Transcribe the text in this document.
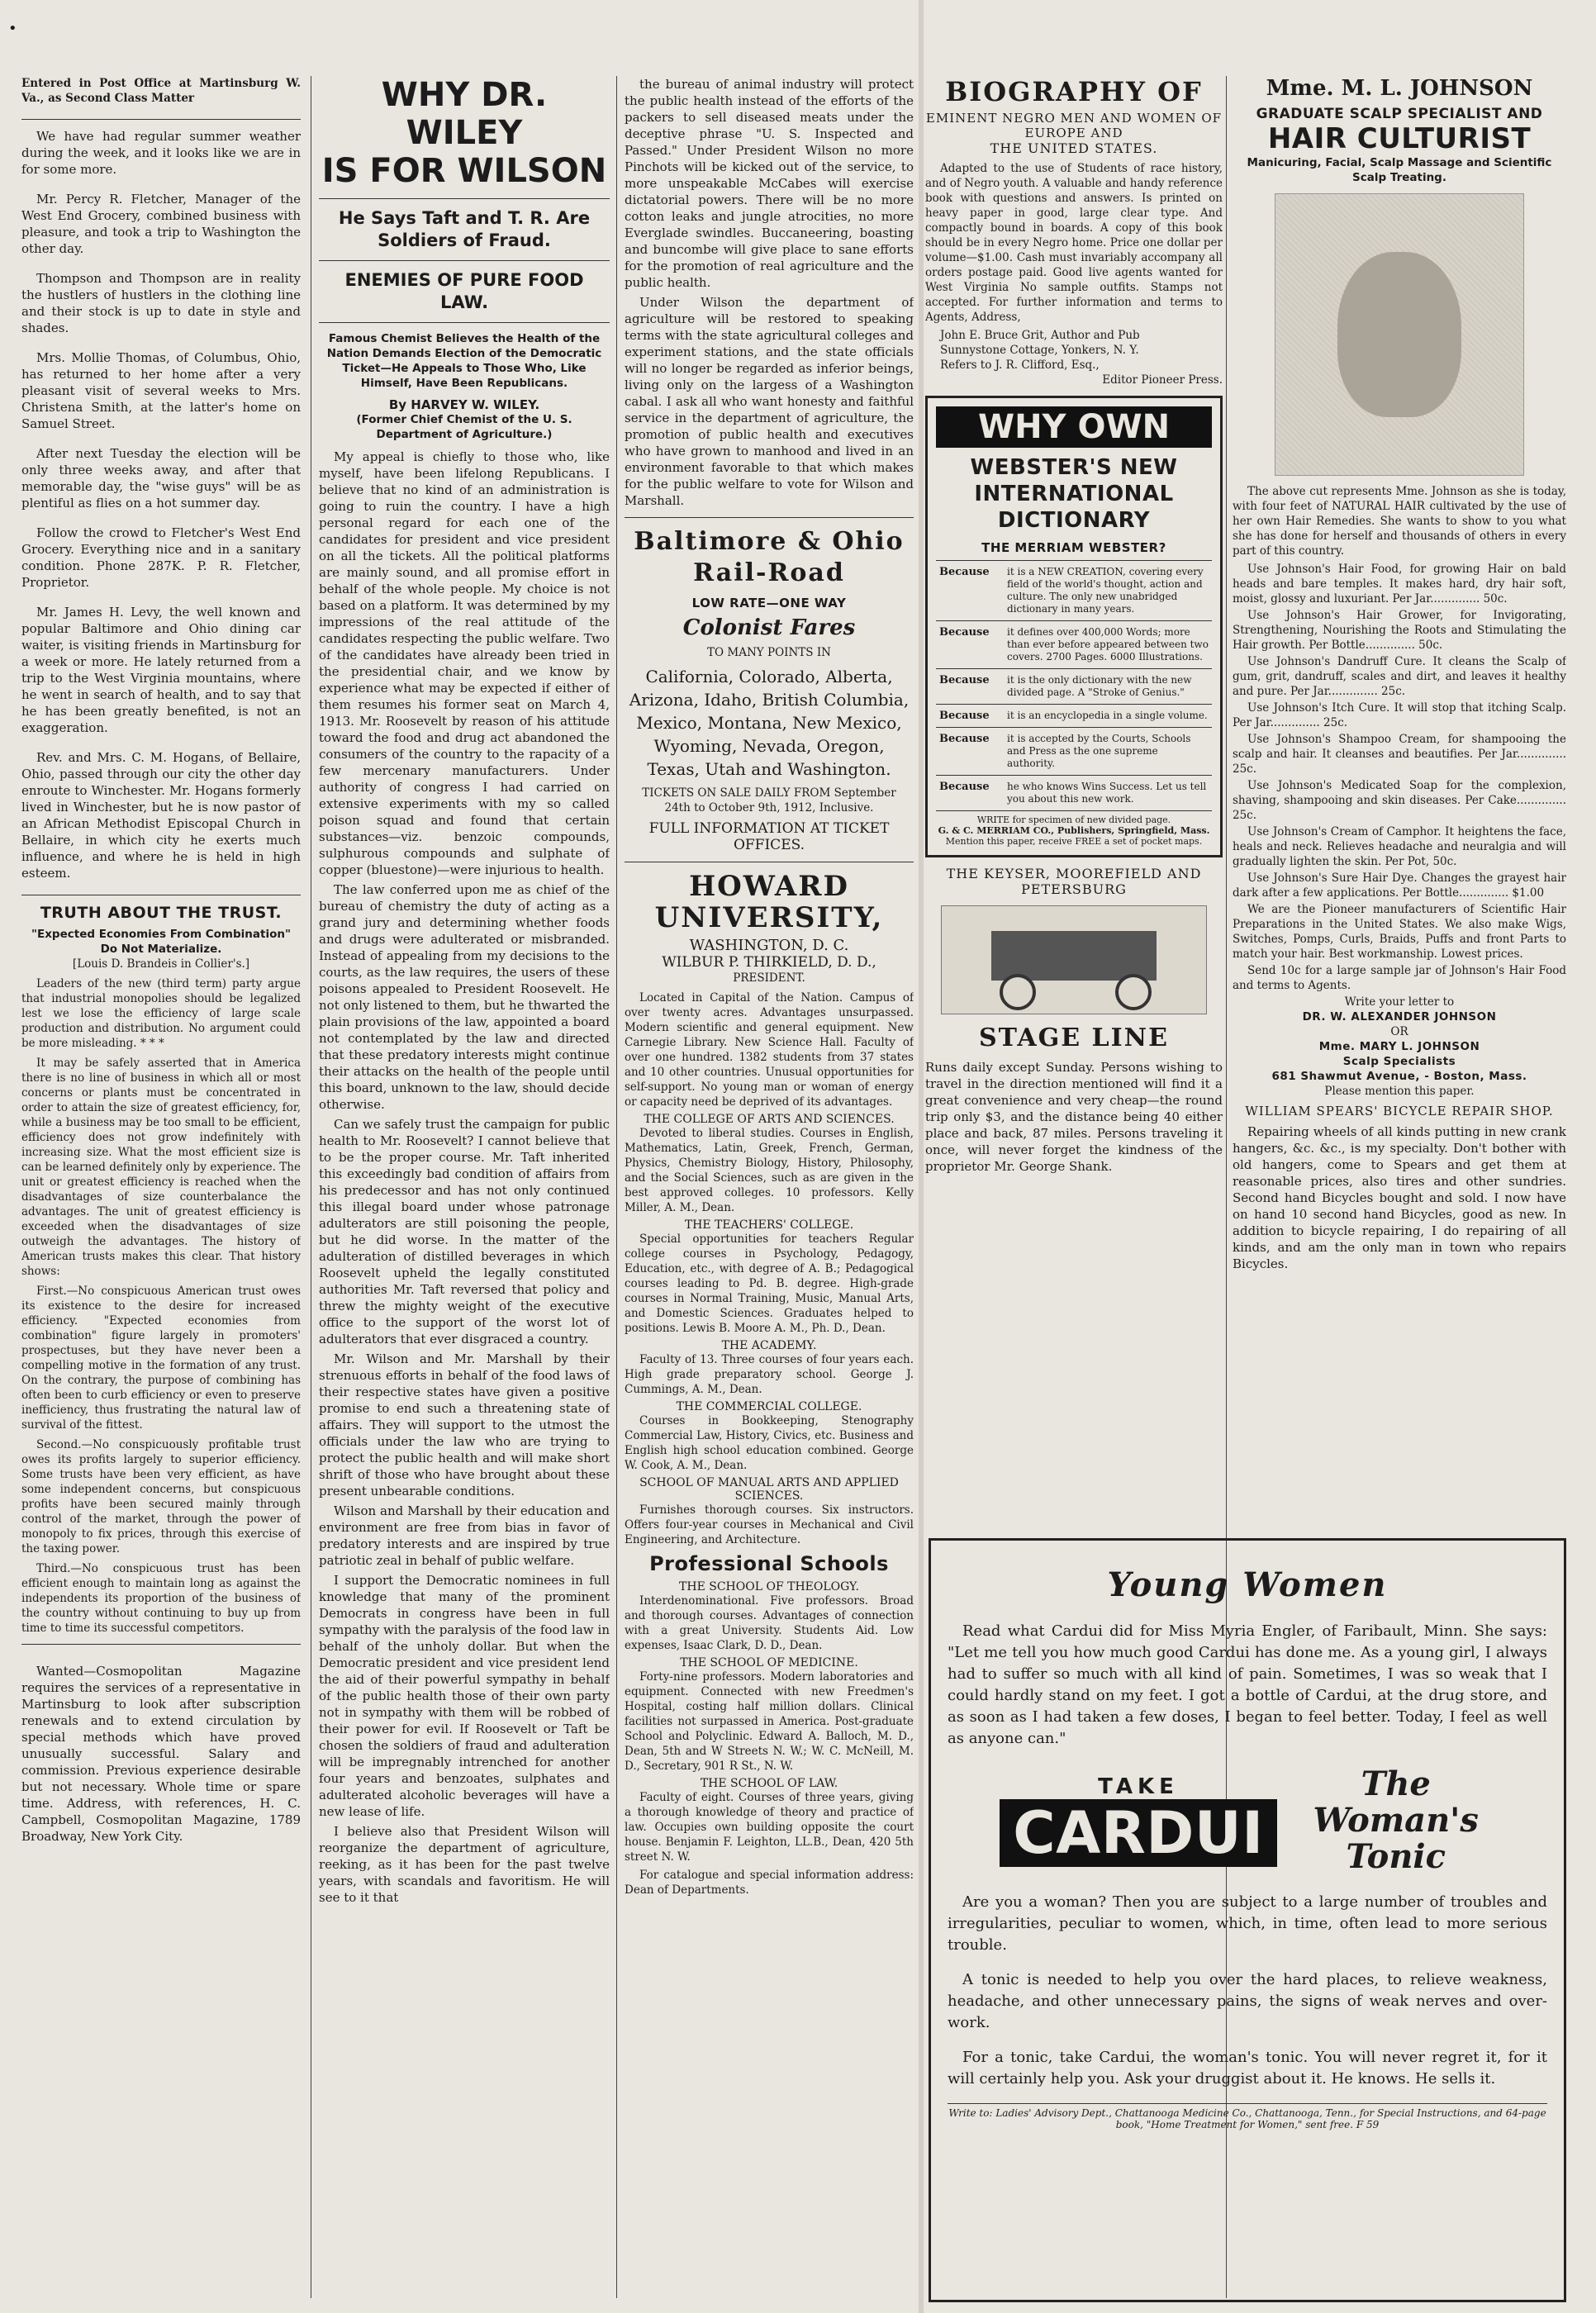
•

Entered in Post Office at Martinsburg W. Va., as Second Class Matter

We have had regular summer weather during the week, and it looks like we are in for some more.

Mr. Percy R. Fletcher, Manager of the West End Grocery, combined business with pleasure, and took a trip to Washington the other day.

Thompson and Thompson are in reality the hustlers of hustlers in the clothing line and their stock is up to date in style and shades.

Mrs. Mollie Thomas, of Columbus, Ohio, has returned to her home after a very pleasant visit of several weeks to Mrs. Christena Smith, at the latter's home on Samuel Street.

After next Tuesday the election will be only three weeks away, and after that memorable day, the "wise guys" will be as plentiful as flies on a hot summer day.

Follow the crowd to Fletcher's West End Grocery. Everything nice and in a sanitary condition. Phone 287K. P. R. Fletcher, Proprietor.

Mr. James H. Levy, the well known and popular Baltimore and Ohio dining car waiter, is visiting friends in Martinsburg for a week or more. He lately returned from a trip to the West Virginia mountains, where he went in search of health, and to say that he has been greatly benefited, is not an exaggeration.

Rev. and Mrs. C. M. Hogans, of Bellaire, Ohio, passed through our city the other day enroute to Winchester. Mr. Hogans formerly lived in Winchester, but he is now pastor of an African Methodist Episcopal Church in Bellaire, in which city he exerts much influence, and where he is held in high esteem.

TRUTH ABOUT THE TRUST.
"Expected Economies From Combination" Do Not Materialize.
[Louis D. Brandeis in Collier's.]

Leaders of the new (third term) party argue that industrial monopolies should be legalized lest we lose the efficiency of large scale production and distribution. No argument could be more misleading. * * *

It may be safely asserted that in America there is no line of business in which all or most concerns or plants must be concentrated in order to attain the size of greatest efficiency, for, while a business may be too small to be efficient, efficiency does not grow indefinitely with increasing size. What the most efficient size is can be learned definitely only by experience. The unit or greatest efficiency is reached when the disadvantages of size counterbalance the advantages. The unit of greatest efficiency is exceeded when the disadvantages of size outweigh the advantages. The history of American trusts makes this clear. That history shows:

First.—No conspicuous American trust owes its existence to the desire for increased efficiency. "Expected economies from combination" figure largely in promoters' prospectuses, but they have never been a compelling motive in the formation of any trust. On the contrary, the purpose of combining has often been to curb efficiency or even to preserve inefficiency, thus frustrating the natural law of survival of the fittest.

Second.—No conspicuously profitable trust owes its profits largely to superior efficiency. Some trusts have been very efficient, as have some independent concerns, but conspicuous profits have been secured mainly through control of the market, through the power of monopoly to fix prices, through this exercise of the taxing power.

Third.—No conspicuous trust has been efficient enough to maintain long as against the independents its proportion of the business of the country without continuing to buy up from time to time its successful competitors.

Wanted—Cosmopolitan Magazine requires the services of a representative in Martinsburg to look after subscription renewals and to extend circulation by special methods which have proved unusually successful. Salary and commission. Previous experience desirable but not necessary. Whole time or spare time. Address, with references, H. C. Campbell, Cosmopolitan Magazine, 1789 Broadway, New York City.

WHY DR. WILEY
IS FOR WILSON
He Says Taft and T. R. Are Soldiers of Fraud.
ENEMIES OF PURE FOOD LAW.

Famous Chemist Believes the Health of the Nation Demands Election of the Democratic Ticket—He Appeals to Those Who, Like Himself, Have Been Republicans.

By HARVEY W. WILEY.
(Former Chief Chemist of the U. S. Department of Agriculture.)

My appeal is chiefly to those who, like myself, have been lifelong Republicans. I believe that no kind of an administration is going to ruin the country. I have a high personal regard for each one of the candidates for president and vice president on all the tickets. All the political platforms are mainly sound, and all promise effort in behalf of the whole people. My choice is not based on a platform. It was determined by my impressions of the real attitude of the candidates respecting the public welfare. Two of the candidates have already been tried in the presidential chair, and we know by experience what may be expected if either of them resumes his former seat on March 4, 1913. Mr. Roosevelt by reason of his attitude toward the food and drug act abandoned the consumers of the country to the rapacity of a few mercenary manufacturers. Under authority of congress I had carried on extensive experiments with my so called poison squad and found that certain substances—viz. benzoic compounds, sulphurous compounds and sulphate of copper (bluestone)—were injurious to health.

The law conferred upon me as chief of the bureau of chemistry the duty of acting as a grand jury and determining whether foods and drugs were adulterated or misbranded. Instead of appealing from my decisions to the courts, as the law requires, the users of these poisons appealed to President Roosevelt. He not only listened to them, but he thwarted the plain provisions of the law, appointed a board not contemplated by the law and directed that these predatory interests might continue their attacks on the health of the people until this board, unknown to the law, should decide otherwise.

Can we safely trust the campaign for public health to Mr. Roosevelt? I cannot believe that to be the proper course. Mr. Taft inherited this exceedingly bad condition of affairs from his predecessor and has not only continued this illegal board under whose patronage adulterators are still poisoning the people, but he did worse. In the matter of the adulteration of distilled beverages in which Roosevelt upheld the legally constituted authorities Mr. Taft reversed that policy and threw the mighty weight of the executive office to the support of the worst lot of adulterators that ever disgraced a country.

Mr. Wilson and Mr. Marshall by their strenuous efforts in behalf of the food laws of their respective states have given a positive promise to end such a threatening state of affairs. They will support to the utmost the officials under the law who are trying to protect the public health and will make short shrift of those who have brought about these present unbearable conditions.

Wilson and Marshall by their education and environment are free from bias in favor of predatory interests and are inspired by true patriotic zeal in behalf of public welfare.

I support the Democratic nominees in full knowledge that many of the prominent Democrats in congress have been in full sympathy with the paralysis of the food law in behalf of the unholy dollar. But when the Democratic president and vice president lend the aid of their powerful sympathy in behalf of the public health those of their own party not in sympathy with them will be robbed of their power for evil. If Roosevelt or Taft be chosen the soldiers of fraud and adulteration will be impregnably intrenched for another four years and benzoates, sulphates and adulterated alcoholic beverages will have a new lease of life.

I believe also that President Wilson will reorganize the department of agriculture, reeking, as it has been for the past twelve years, with scandals and favoritism. He will see to it that

the bureau of animal industry will protect the public health instead of the efforts of the packers to sell diseased meats under the deceptive phrase "U. S. Inspected and Passed." Under President Wilson no more Pinchots will be kicked out of the service, to more unspeakable McCabes will exercise dictatorial powers. There will be no more cotton leaks and jungle atrocities, no more Everglade swindles. Buccaneering, boasting and buncombe will give place to sane efforts for the promotion of real agriculture and the public health.

Under Wilson the department of agriculture will be restored to speaking terms with the state agricultural colleges and experiment stations, and the state officials will no longer be regarded as inferior beings, living only on the largess of a Washington cabal. I ask all who want honesty and faithful service in the department of agriculture, the promotion of public health and executives who have grown to manhood and lived in an environment favorable to that which makes for the public welfare to vote for Wilson and Marshall.

Baltimore & Ohio Rail-Road
LOW RATE—ONE WAY
Colonist Fares
TO MANY POINTS IN

California, Colorado, Alberta, Arizona, Idaho, British Columbia, Mexico, Montana, New Mexico, Wyoming, Nevada, Oregon, Texas, Utah and Washington.

TICKETS ON SALE DAILY FROM September 24th to October 9th, 1912, Inclusive.

FULL INFORMATION AT TICKET OFFICES.

HOWARD UNIVERSITY,
WASHINGTON, D. C.
WILBUR P. THIRKIELD, D. D.,
PRESIDENT.

Located in Capital of the Nation. Campus of over twenty acres. Advantages unsurpassed. Modern scientific and general equipment. New Carnegie Library. New Science Hall. Faculty of over one hundred. 1382 students from 37 states and 10 other countries. Unusual opportunities for self-support. No young man or woman of energy or capacity need be deprived of its advantages.

THE COLLEGE OF ARTS AND SCIENCES.

Devoted to liberal studies. Courses in English, Mathematics, Latin, Greek, French, German, Physics, Chemistry Biology, History, Philosophy, and the Social Sciences, such as are given in the best approved colleges. 10 professors. Kelly Miller, A. M., Dean.

THE TEACHERS' COLLEGE.

Special opportunities for teachers Regular college courses in Psychology, Pedagogy, Education, etc., with degree of A. B.; Pedagogical courses leading to Pd. B. degree. High-grade courses in Normal Training, Music, Manual Arts, and Domestic Sciences. Graduates helped to positions. Lewis B. Moore A. M., Ph. D., Dean.

THE ACADEMY.

Faculty of 13. Three courses of four years each. High grade preparatory school. George J. Cummings, A. M., Dean.

THE COMMERCIAL COLLEGE.

Courses in Bookkeeping, Stenography Commercial Law, History, Civics, etc. Business and English high school education combined. George W. Cook, A. M., Dean.

SCHOOL OF MANUAL ARTS AND APPLIED SCIENCES.

Furnishes thorough courses. Six instructors. Offers four-year courses in Mechanical and Civil Engineering, and Architecture.

Professional Schools
THE SCHOOL OF THEOLOGY.

Interdenominational. Five professors. Broad and thorough courses. Advantages of connection with a great University. Students Aid. Low expenses, Isaac Clark, D. D., Dean.

THE SCHOOL OF MEDICINE.

Forty-nine professors. Modern laboratories and equipment. Connected with new Freedmen's Hospital, costing half million dollars. Clinical facilities not surpassed in America. Post-graduate School and Polyclinic. Edward A. Balloch, M. D., Dean, 5th and W Streets N. W.; W. C. McNeill, M. D., Secretary, 901 R St., N. W.

THE SCHOOL OF LAW.

Faculty of eight. Courses of three years, giving a thorough knowledge of theory and practice of law. Occupies own building opposite the court house. Benjamin F. Leighton, LL.B., Dean, 420 5th street N. W.

For catalogue and special information address: Dean of Departments.

BIOGRAPHY OF
EMINENT NEGRO MEN AND WOMEN OF EUROPE AND
THE UNITED STATES.

Adapted to the use of Students of race history, and of Negro youth. A valuable and handy reference book with questions and answers. Is printed on heavy paper in good, large clear type. And compactly bound in boards. A copy of this book should be in every Negro home. Price one dollar per volume—$1.00. Cash must invariably accompany all orders postage paid. Good live agents wanted for West Virginia No sample outfits. Stamps not accepted. For further information and terms to Agents, Address,

John E. Bruce Grit, Author and Pub
Sunnystone Cottage, Yonkers, N. Y.
Refers to J. R. Clifford, Esq.,
Editor Pioneer Press.
WHY OWN
WEBSTER'S NEW INTERNATIONAL DICTIONARY
THE MERRIAM WEBSTER?
Because	it is a NEW CREATION, covering every field of the world's thought, action and culture. The only new unabridged dictionary in many years.
Because	it defines over 400,000 Words; more than ever before appeared between two covers. 2700 Pages. 6000 Illustrations.
Because	it is the only dictionary with the new divided page. A "Stroke of Genius."
Because	it is an encyclopedia in a single volume.
Because	it is accepted by the Courts, Schools and Press as the one supreme authority.
Because	he who knows Wins Success. Let us tell you about this new work.
WRITE for specimen of new divided page.
G. & C. MERRIAM CO., Publishers, Springfield, Mass.
Mention this paper, receive FREE a set of pocket maps.
THE KEYSER, MOOREFIELD AND PETERSBURG
STAGE LINE

Runs daily except Sunday. Persons wishing to travel in the direction mentioned will find it a great convenience and very cheap—the round trip only $3, and the distance being 40 either place and back, 87 miles. Persons traveling it once, will never forget the kindness of the proprietor Mr. George Shank.

Mme. M. L. JOHNSON
GRADUATE SCALP SPECIALIST AND
HAIR CULTURIST
Manicuring, Facial, Scalp Massage and Scientific Scalp Treating.

The above cut represents Mme. Johnson as she is today, with four feet of NATURAL HAIR cultivated by the use of her own Hair Remedies. She wants to show to you what she has done for herself and thousands of others in every part of this country.

Use Johnson's Hair Food, for growing Hair on bald heads and bare temples. It makes hard, dry hair soft, moist, glossy and luxuriant. Per Jar.............. 50c.

Use Johnson's Hair Grower, for Invigorating, Strengthening, Nourishing the Roots and Stimulating the Hair growth. Per Bottle.............. 50c.

Use Johnson's Dandruff Cure. It cleans the Scalp of gum, grit, dandruff, scales and dirt, and leaves it healthy and pure. Per Jar.............. 25c.

Use Johnson's Itch Cure. It will stop that itching Scalp. Per Jar.............. 25c.

Use Johnson's Shampoo Cream, for shampooing the scalp and hair. It cleanses and beautifies. Per Jar.............. 25c.

Use Johnson's Medicated Soap for the complexion, shaving, shampooing and skin diseases. Per Cake.............. 25c.

Use Johnson's Cream of Camphor. It heightens the face, heals and neck. Relieves headache and neuralgia and will gradually lighten the skin. Per Pot, 50c.

Use Johnson's Sure Hair Dye. Changes the grayest hair dark after a few applications. Per Bottle.............. $1.00

We are the Pioneer manufacturers of Scientific Hair Preparations in the United States. We also make Wigs, Switches, Pomps, Curls, Braids, Puffs and front Parts to match your hair. Best workmanship. Lowest prices.

Send 10c for a large sample jar of Johnson's Hair Food and terms to Agents.

Write your letter to
DR. W. ALEXANDER JOHNSON
OR
Mme. MARY L. JOHNSON
Scalp Specialists
681 Shawmut Avenue, - Boston, Mass.
Please mention this paper.
WILLIAM SPEARS' BICYCLE REPAIR SHOP.

Repairing wheels of all kinds putting in new crank hangers, &c. &c., is my specialty. Don't bother with old hangers, come to Spears and get them at reasonable prices, also tires and other sundries. Second hand Bicycles bought and sold. I now have on hand 10 second hand Bicycles, good as new. In addition to bicycle repairing, I do repairing of all kinds, and am the only man in town who repairs Bicycles.

Young Women

Read what Cardui did for Miss Myria Engler, of Faribault, Minn. She says: "Let me tell you how much good Cardui has done me. As a young girl, I always had to suffer so much with all kind of pain. Sometimes, I was so weak that I could hardly stand on my feet. I got a bottle of Cardui, at the drug store, and as soon as I had taken a few doses, I began to feel better. Today, I feel as well as anyone can."

TAKE
CARDUI
The Woman's Tonic

Are you a woman? Then you are subject to a large number of troubles and irregularities, peculiar to women, which, in time, often lead to more serious trouble.

A tonic is needed to help you over the hard places, to relieve weakness, headache, and other unnecessary pains, the signs of weak nerves and over-work.

For a tonic, take Cardui, the woman's tonic. You will never regret it, for it will certainly help you. Ask your druggist about it. He knows. He sells it.

Write to: Ladies' Advisory Dept., Chattanooga Medicine Co., Chattanooga, Tenn., for Special Instructions, and 64-page book, "Home Treatment for Women," sent free. F 59
